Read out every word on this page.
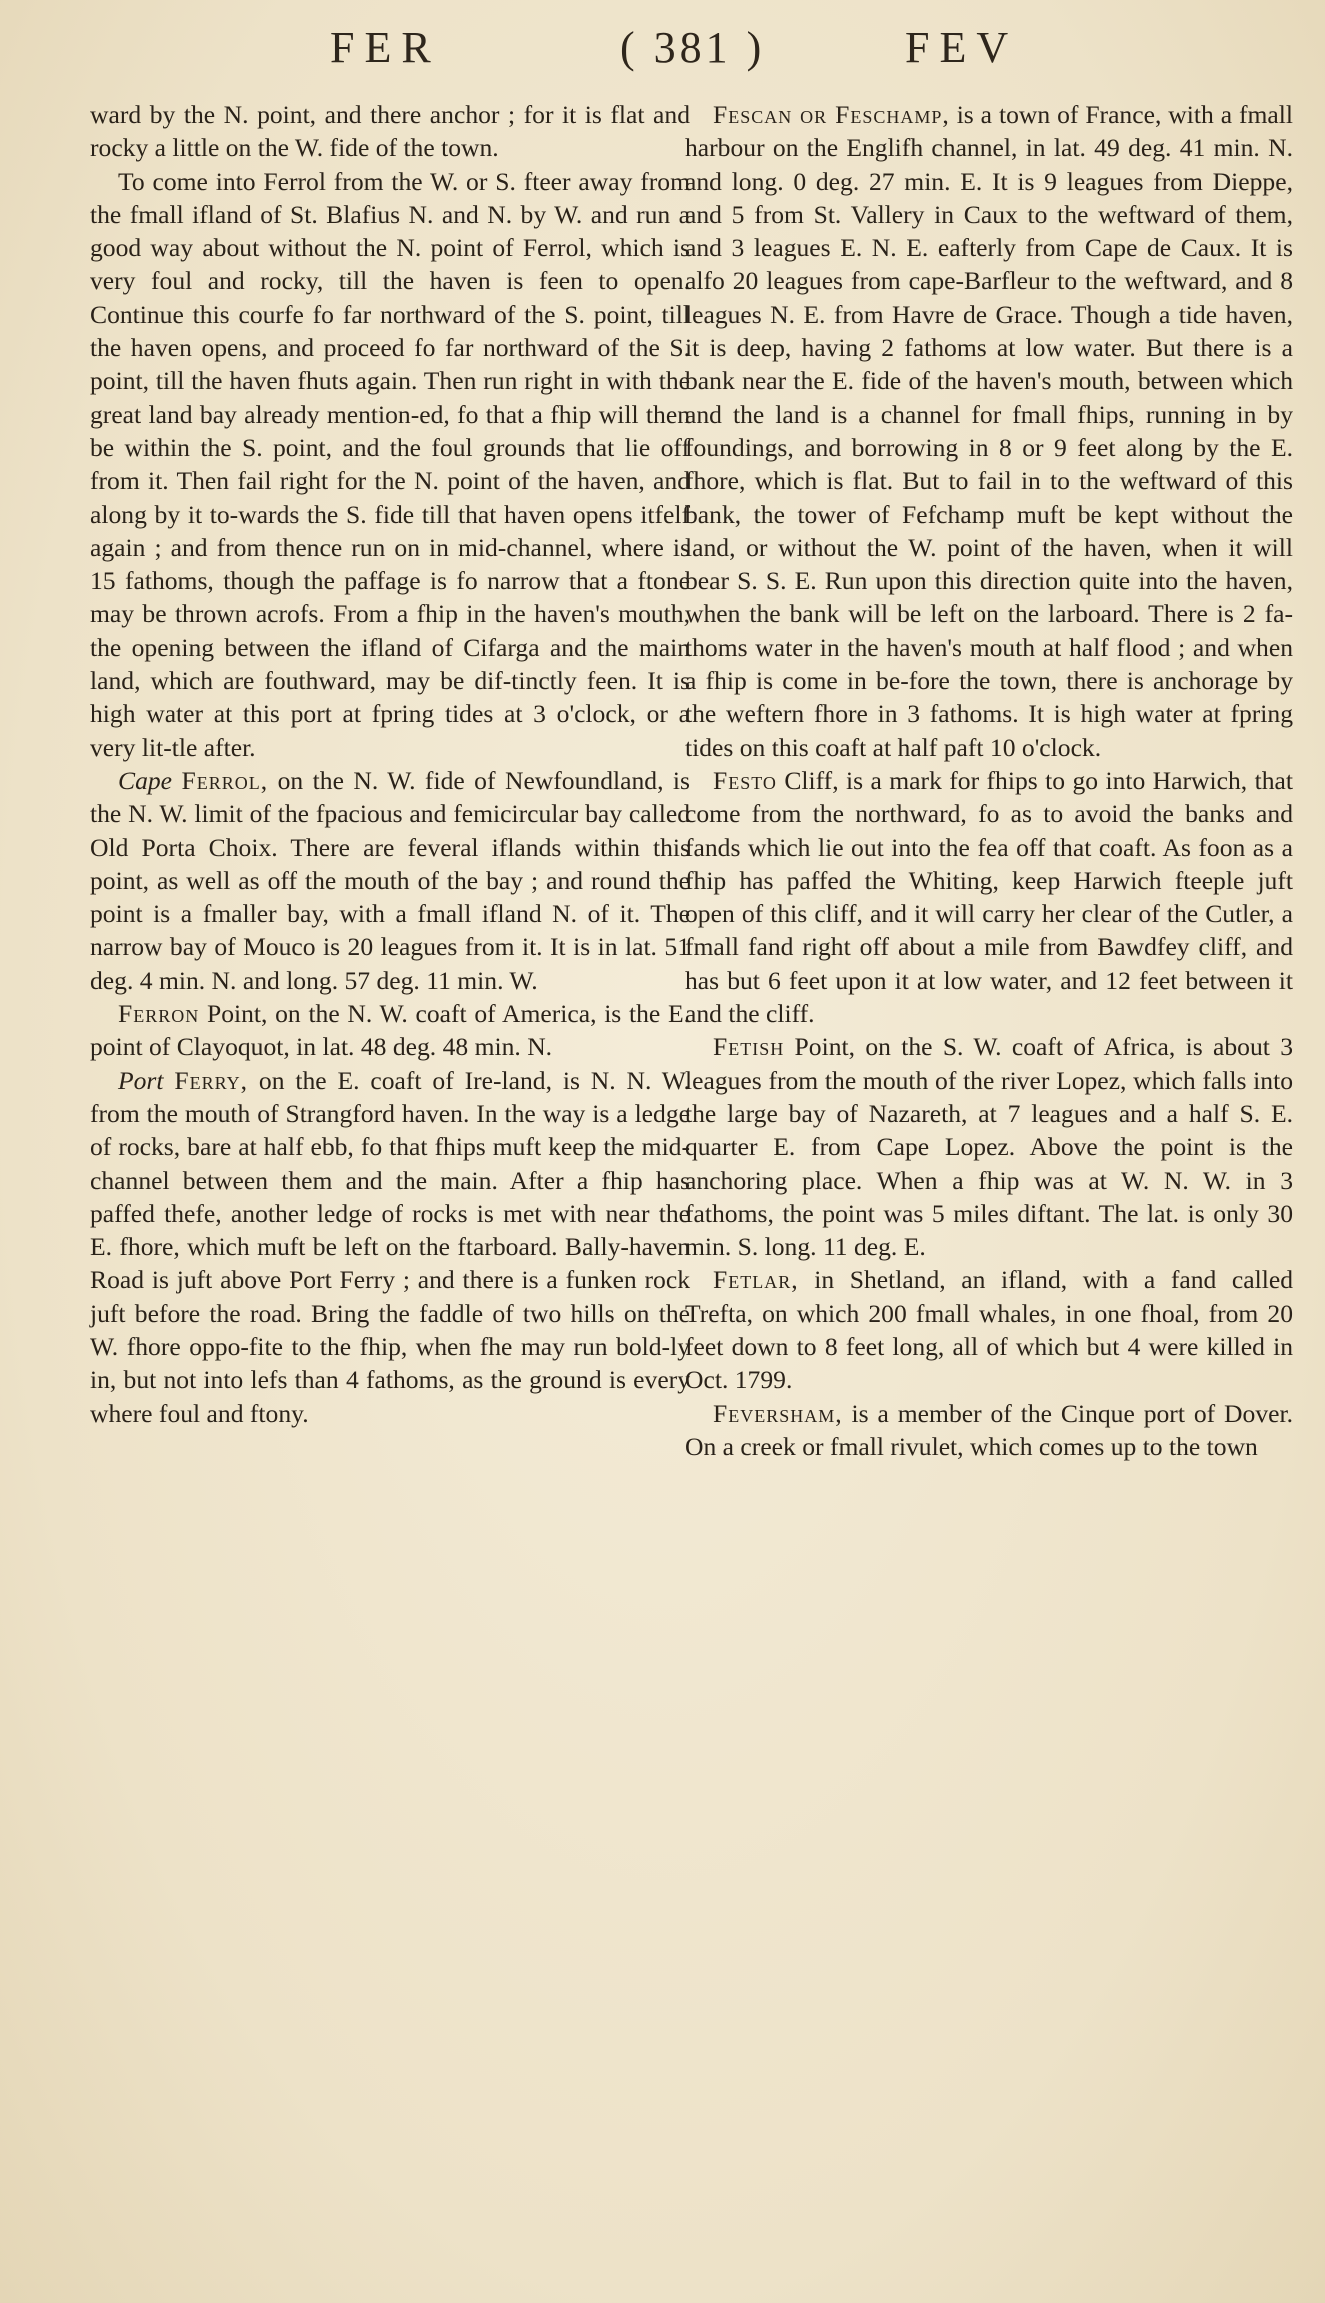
FER	( 381 )	FEV

ward by the N. point, and there anchor ; for it is flat and rocky a little on the W. fide of the town.

To come into Ferrol from the W. or S. fteer away from the fmall ifland of St. Blafius N. and N. by W. and run a good way about without the N. point of Ferrol, which is very foul and rocky, till the haven is feen to open. Continue this courfe fo far northward of the S. point, till the haven opens, and proceed fo far northward of the S. point, till the haven fhuts again. Then run right in with the great land bay already mention-ed, fo that a fhip will then be within the S. point, and the foul grounds that lie off from it. Then fail right for the N. point of the haven, and along by it to-wards the S. fide till that haven opens itfelf again ; and from thence run on in mid-channel, where is 15 fathoms, though the paffage is fo narrow that a ftone may be thrown acrofs. From a fhip in the haven's mouth, the opening between the ifland of Cifarga and the main land, which are fouthward, may be dif-tinctly feen. It is high water at this port at fpring tides at 3 o'clock, or a very lit-tle after.

Cape Ferrol, on the N. W. fide of Newfoundland, is the N. W. limit of the fpacious and femicircular bay called Old Porta Choix. There are feveral iflands within this point, as well as off the mouth of the bay ; and round the point is a fmaller bay, with a fmall ifland N. of it. The narrow bay of Mouco is 20 leagues from it. It is in lat. 51 deg. 4 min. N. and long. 57 deg. 11 min. W.

Ferron Point, on the N. W. coaft of America, is the E. point of Clayoquot, in lat. 48 deg. 48 min. N.

Port Ferry, on the E. coaft of Ire-land, is N. N. W. from the mouth of Strangford haven. In the way is a ledge of rocks, bare at half ebb, fo that fhips muft keep the mid-channel between them and the main. After a fhip has paffed thefe, another ledge of rocks is met with near the E. fhore, which muft be left on the ftarboard. Bally-haven Road is juft above Port Ferry ; and there is a funken rock juft before the road. Bring the faddle of two hills on the W. fhore oppo-fite to the fhip, when fhe may run bold-ly in, but not into lefs than 4 fathoms, as the ground is every where foul and ftony.

Fescan or Feschamp, is a town of France, with a fmall harbour on the Englifh channel, in lat. 49 deg. 41 min. N. and long. 0 deg. 27 min. E. It is 9 leagues from Dieppe, and 5 from St. Vallery in Caux to the weftward of them, and 3 leagues E. N. E. eafterly from Cape de Caux. It is alfo 20 leagues from cape-Barfleur to the weftward, and 8 leagues N. E. from Havre de Grace. Though a tide haven, it is deep, having 2 fathoms at low water. But there is a bank near the E. fide of the haven's mouth, between which and the land is a channel for fmall fhips, running in by foundings, and borrowing in 8 or 9 feet along by the E. fhore, which is flat. But to fail in to the weftward of this bank, the tower of Fefchamp muft be kept without the land, or without the W. point of the haven, when it will bear S. S. E. Run upon this direction quite into the haven, when the bank will be left on the larboard. There is 2 fa-thoms water in the haven's mouth at half flood ; and when a fhip is come in be-fore the town, there is anchorage by the weftern fhore in 3 fathoms. It is high water at fpring tides on this coaft at half paft 10 o'clock.

Festo Cliff, is a mark for fhips to go into Harwich, that come from the northward, fo as to avoid the banks and fands which lie out into the fea off that coaft. As foon as a fhip has paffed the Whiting, keep Harwich fteeple juft open of this cliff, and it will carry her clear of the Cutler, a fmall fand right off about a mile from Bawdfey cliff, and has but 6 feet upon it at low water, and 12 feet between it and the cliff.

Fetish Point, on the S. W. coaft of Africa, is about 3 leagues from the mouth of the river Lopez, which falls into the large bay of Nazareth, at 7 leagues and a half S. E. quarter E. from Cape Lopez. Above the point is the anchoring place. When a fhip was at W. N. W. in 3 fathoms, the point was 5 miles diftant. The lat. is only 30 min. S. long. 11 deg. E.

Fetlar, in Shetland, an ifland, with a fand called Trefta, on which 200 fmall whales, in one fhoal, from 20 feet down to 8 feet long, all of which but 4 were killed in Oct. 1799.

Feversham, is a member of the Cinque port of Dover. On a creek or fmall rivulet, which comes up to the town
